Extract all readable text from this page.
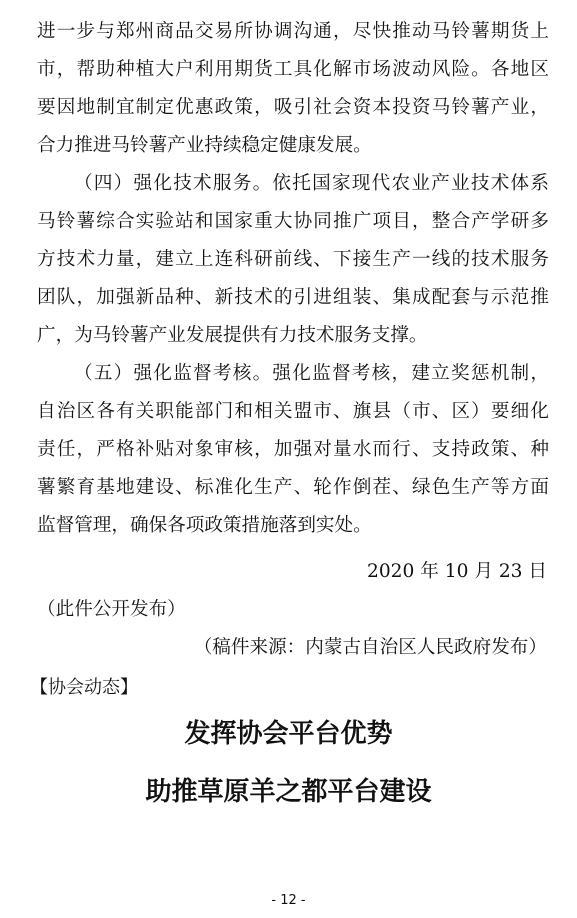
进一步与郑州商品交易所协调沟通，尽快推动马铃薯期货上
市，帮助种植大户利用期货工具化解市场波动风险。各地区
要因地制宜制定优惠政策，吸引社会资本投资马铃薯产业，
合力推进马铃薯产业持续稳定健康发展。
（四）强化技术服务。依托国家现代农业产业技术体系
马铃薯综合实验站和国家重大协同推广项目，整合产学研多
方技术力量，建立上连科研前线、下接生产一线的技术服务
团队，加强新品种、新技术的引进组装、集成配套与示范推
广，为马铃薯产业发展提供有力技术服务支撑。
（五）强化监督考核。强化监督考核，建立奖惩机制，
自治区各有关职能部门和相关盟市、旗县（市、区）要细化
责任，严格补贴对象审核，加强对量水而行、支持政策、种
薯繁育基地建设、标准化生产、轮作倒茬、绿色生产等方面
监督管理，确保各项政策措施落到实处。
2020 年 10 月 23 日
（此件公开发布）
（稿件来源：内蒙古自治区人民政府发布）
【协会动态】
发挥协会平台优势
助推草原羊之都平台建设
- 12 -
